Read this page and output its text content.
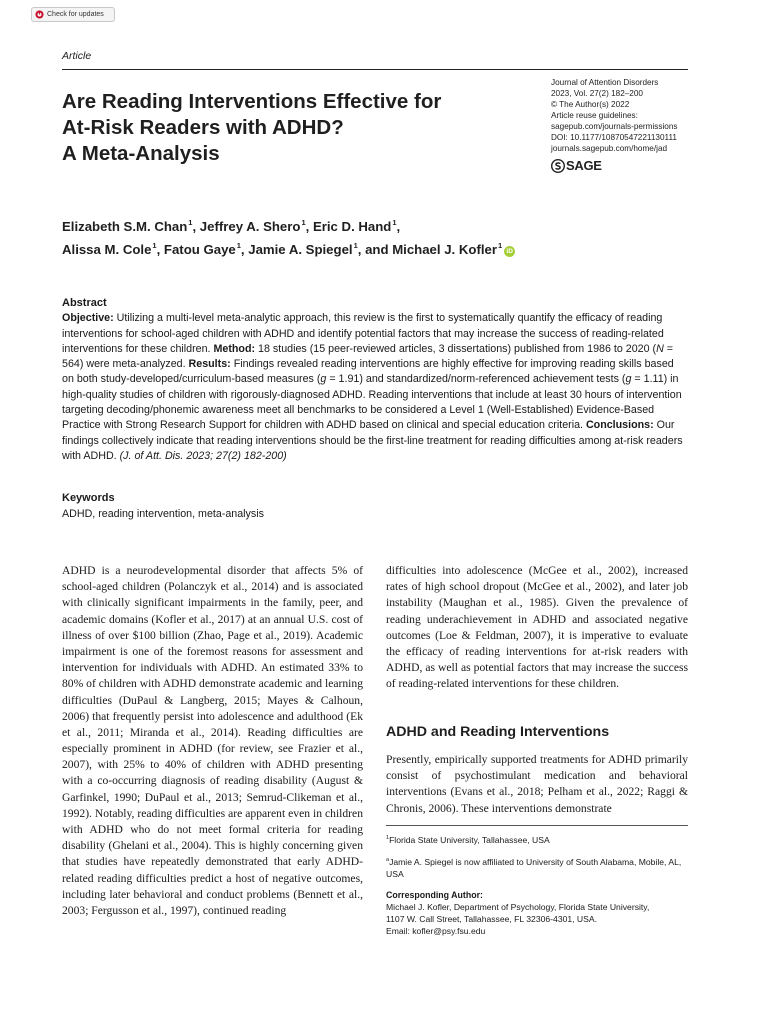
Check for updates
Article
Are Reading Interventions Effective for
At-Risk Readers with ADHD?
A Meta-Analysis
Journal of Attention Disorders
2023, Vol. 27(2) 182–200
© The Author(s) 2022
Article reuse guidelines:
sagepub.com/journals-permissions
DOI: 10.1177/10870547221130111
journals.sagepub.com/home/jad
SAGE
Elizabeth S.M. Chan$^1$, Jeffrey A. Shero$^1$, Eric D. Hand$^1$,
Alissa M. Cole$^1$, Fatou Gaye$^1$, Jamie A. Spiegel$^1$, and Michael J. Kofler$^1$iD
Abstract
Objective: Utilizing a multi-level meta-analytic approach, this review is the first to systematically quantify the efficacy of reading interventions for school-aged children with ADHD and identify potential factors that may increase the success of reading-related interventions for these children. Method: 18 studies (15 peer-reviewed articles, 3 dissertations) published from 1986 to 2020 (N = 564) were meta-analyzed. Results: Findings revealed reading interventions are highly effective for improving reading skills based on both study-developed/curriculum-based measures (g = 1.91) and standardized/norm-referenced achievement tests (g = 1.11) in high-quality studies of children with rigorously-diagnosed ADHD. Reading interventions that include at least 30 hours of intervention targeting decoding/phonemic awareness meet all benchmarks to be considered a Level 1 (Well-Established) Evidence-Based Practice with Strong Research Support for children with ADHD based on clinical and special education criteria. Conclusions: Our findings collectively indicate that reading interventions should be the first-line treatment for reading difficulties among at-risk readers with ADHD. (J. of Att. Dis. 2023; 27(2) 182-200)
Keywords
ADHD, reading intervention, meta-analysis
ADHD is a neurodevelopmental disorder that affects 5% of school-aged children (Polanczyk et al., 2014) and is associated with clinically significant impairments in the family, peer, and academic domains (Kofler et al., 2017) at an annual U.S. cost of illness of over $100 billion (Zhao, Page et al., 2019). Academic impairment is one of the foremost reasons for assessment and intervention for individuals with ADHD. An estimated 33% to 80% of children with ADHD demonstrate academic and learning difficulties (DuPaul & Langberg, 2015; Mayes & Calhoun, 2006) that frequently persist into adolescence and adulthood (Ek et al., 2011; Miranda et al., 2014). Reading difficulties are especially prominent in ADHD (for review, see Frazier et al., 2007), with 25% to 40% of children with ADHD presenting with a co-occurring diagnosis of reading disability (August & Garfinkel, 1990; DuPaul et al., 2013; Semrud-Clikeman et al., 1992). Notably, reading difficulties are apparent even in children with ADHD who do not meet formal criteria for reading disability (Ghelani et al., 2004). This is highly concerning given that studies have repeatedly demonstrated that early ADHD-related reading difficulties predict a host of negative outcomes, including later behavioral and conduct problems (Bennett et al., 2003; Fergusson et al., 1997), continued reading
difficulties into adolescence (McGee et al., 2002), increased rates of high school dropout (McGee et al., 2002), and later job instability (Maughan et al., 1985). Given the prevalence of reading underachievement in ADHD and associated negative outcomes (Loe & Feldman, 2007), it is imperative to evaluate the efficacy of reading interventions for at-risk readers with ADHD, as well as potential factors that may increase the success of reading-related interventions for these children.
ADHD and Reading Interventions
Presently, empirically supported treatments for ADHD primarily consist of psychostimulant medication and behavioral interventions (Evans et al., 2018; Pelham et al., 2022; Raggi & Chronis, 2006). These interventions demonstrate
$^1$Florida State University, Tallahassee, USA
$^a$Jamie A. Spiegel is now affiliated to University of South Alabama, Mobile, AL, USA
Corresponding Author:
Michael J. Kofler, Department of Psychology, Florida State University,
1107 W. Call Street, Tallahassee, FL 32306-4301, USA.
Email: kofler@psy.fsu.edu
